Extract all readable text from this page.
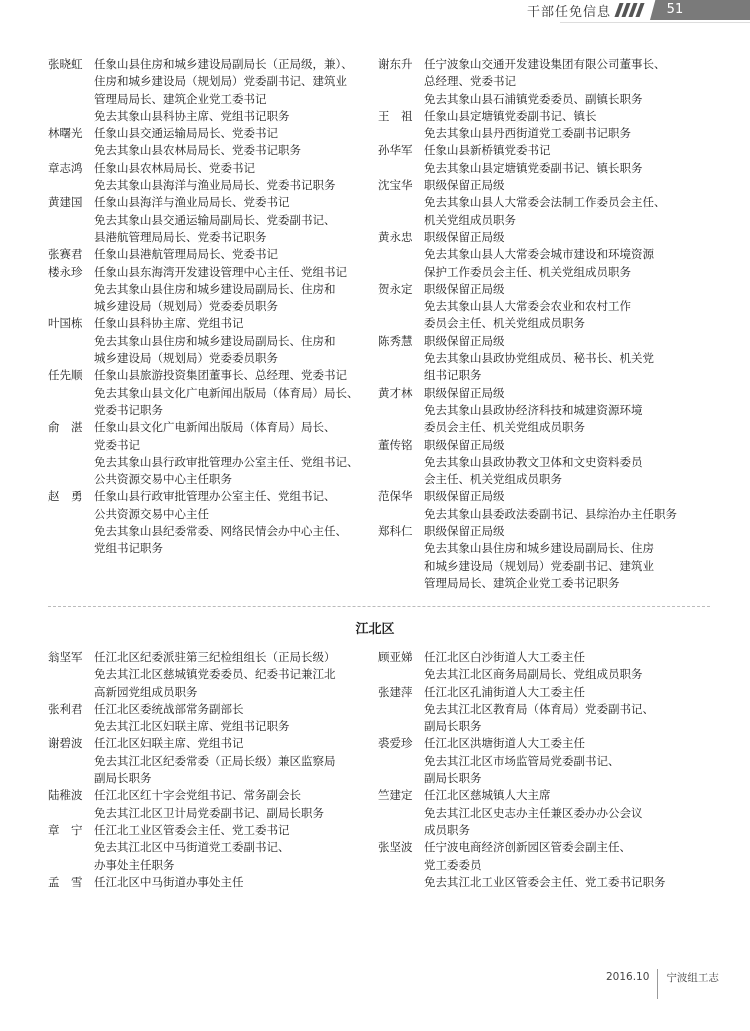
干部任免信息	51
张晓虹	任象山县住房和城乡建设局副局长（正局级，兼）、
住房和城乡建设局（规划局）党委副书记、建筑业
管理局局长、建筑企业党工委书记
免去其象山县科协主席、党组书记职务
林曙光	任象山县交通运输局局长、党委书记
免去其象山县农林局局长、党委书记职务
章志鸿	任象山县农林局局长、党委书记
免去其象山县海洋与渔业局局长、党委书记职务
黄建国	任象山县海洋与渔业局局长、党委书记
免去其象山县交通运输局副局长、党委副书记、
县港航管理局局长、党委书记职务
张赛君	任象山县港航管理局局长、党委书记
楼永珍	任象山县东海湾开发建设管理中心主任、党组书记
免去其象山县住房和城乡建设局副局长、住房和
城乡建设局（规划局）党委委员职务
叶国栋	任象山县科协主席、党组书记
免去其象山县住房和城乡建设局副局长、住房和
城乡建设局（规划局）党委委员职务
任先顺	任象山县旅游投资集团董事长、总经理、党委书记
免去其象山县文化广电新闻出版局（体育局）局长、
党委书记职务
俞　湛	任象山县文化广电新闻出版局（体育局）局长、
党委书记
免去其象山县行政审批管理办公室主任、党组书记、
公共资源交易中心主任职务
赵　勇	任象山县行政审批管理办公室主任、党组书记、
公共资源交易中心主任
免去其象山县纪委常委、网络民情会办中心主任、
党组书记职务
谢东升	任宁波象山交通开发建设集团有限公司董事长、
总经理、党委书记
免去其象山县石浦镇党委委员、副镇长职务
王　祖	任象山县定塘镇党委副书记、镇长
免去其象山县丹西街道党工委副书记职务
孙华军	任象山县新桥镇党委书记
免去其象山县定塘镇党委副书记、镇长职务
沈宝华	职级保留正局级
免去其象山县人大常委会法制工作委员会主任、
机关党组成员职务
黄永忠	职级保留正局级
免去其象山县人大常委会城市建设和环境资源
保护工作委员会主任、机关党组成员职务
贺永定	职级保留正局级
免去其象山县人大常委会农业和农村工作
委员会主任、机关党组成员职务
陈秀慧	职级保留正局级
免去其象山县政协党组成员、秘书长、机关党
组书记职务
黄才林	职级保留正局级
免去其象山县政协经济科技和城建资源环境
委员会主任、机关党组成员职务
董传铭	职级保留正局级
免去其象山县政协教文卫体和文史资料委员
会主任、机关党组成员职务
范保华	职级保留正局级
免去其象山县委政法委副书记、县综治办主任职务
郑科仁	职级保留正局级
免去其象山县住房和城乡建设局副局长、住房
和城乡建设局（规划局）党委副书记、建筑业
管理局局长、建筑企业党工委书记职务
江北区
翁坚军	任江北区纪委派驻第三纪检组组长（正局长级）
免去其江北区慈城镇党委委员、纪委书记兼江北
高新园党组成员职务
张利君	任江北区委统战部常务副部长
免去其江北区妇联主席、党组书记职务
谢碧波	任江北区妇联主席、党组书记
免去其江北区纪委常委（正局长级）兼区监察局
副局长职务
陆稚波	任江北区红十字会党组书记、常务副会长
免去其江北区卫计局党委副书记、副局长职务
章　宁	任江北工业区管委会主任、党工委书记
免去其江北区中马街道党工委副书记、
办事处主任职务
孟　雪	任江北区中马街道办事处主任
顾亚娣	任江北区白沙街道人大工委主任
免去其江北区商务局副局长、党组成员职务
张建萍	任江北区孔浦街道人大工委主任
免去其江北区教育局（体育局）党委副书记、
副局长职务
裘爱珍	任江北区洪塘街道人大工委主任
免去其江北区市场监管局党委副书记、
副局长职务
竺建定	任江北区慈城镇人大主席
免去其江北区史志办主任兼区委办办公会议
成员职务
张坚波	任宁波电商经济创新园区管委会副主任、
党工委委员
免去其江北工业区管委会主任、党工委书记职务
2016.10 宁波组工志
